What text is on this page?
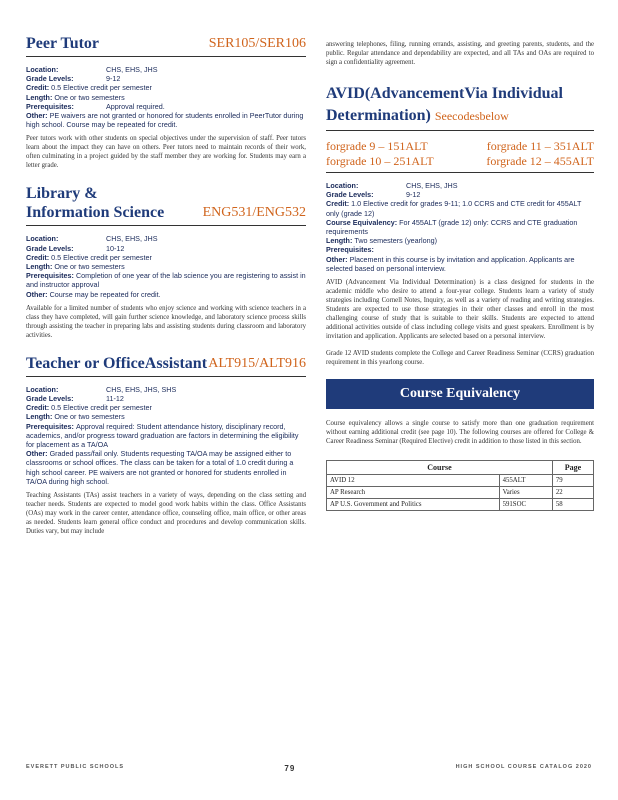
Peer Tutor	SER105/SER106
Location:	CHS, EHS, JHS
Grade Levels:	9-12
Credit:
0.5 Elective credit per semester
Length:
One or two semesters
Prerequisites:	Approval required.
Other: PE waivers are not granted or honored for students enrolled in PeerTutor during high school. Course may be repeated for credit.
Peer tutors work with other students on special objectives under the supervision of staff. Peer tutors learn about the impact they can have on others. Peer tutors need to maintain records of their work, often culminating in a project guided by the staff member they are working for. Students may earn a letter grade.
Library & Information Science	ENG531/ENG532
Location:	CHS, EHS, JHS
Grade Levels:	10-12
Credit:
0.5 Elective credit per semester
Length:
One or two semesters
Prerequisites: Completion of one year of the lab science you are registering to assist in and instructor approval
Other: Course may be repeated for credit.
Available for a limited number of students who enjoy science and working with science teachers in a class they have completed, will gain further science knowledge, and laboratory science process skills through assisting the teacher in preparing labs and assisting students during classroom and laboratory activities.
Teacher or OfficeAssistant ALT915/ALT916
Location:	CHS, EHS, JHS, SHS
Grade Levels:	11-12
Credit:
0.5 Elective credit per semester
Length:
One or two semesters
Prerequisites: Approval required: Student attendance history, disciplinary record, academics, and/or progress toward graduation are factors in determining the eligibility for placement as a TA/OA
Other: Graded pass/fail only. Students requesting TA/OA may be assigned either to classrooms or school offices. The class can be taken for a total of 1.0 credit during a high school career. PE waivers are not granted or honored for students enrolled in TA/OA during high school.
Teaching Assistants (TAs) assist teachers in a variety of ways, depending on the class setting and teacher needs. Students are expected to model good work habits within the class. Office Assistants (OAs) may work in the career center, attendance office, counseling office, main office, or other areas as needed. Students learn general office conduct and procedures and develop communication skills. Duties vary, but may include
answering telephones, filing, running errands, assisting, and greeting parents, students, and the public. Regular attendance and dependability are expected, and all TAs and OAs are required to sign a confidentiality agreement.
AVID(AdvancementVia Individual Determination) Seecodesbelow
forgrade 9 – 151ALT	forgrade 11 – 351ALT
forgrade 10 – 251ALT	forgrade 12 – 455ALT
Location:	CHS, EHS, JHS
Grade Levels:	9-12
Credit: 1.0 Elective credit for grades 9-11; 1.0 CCRS and CTE credit for 455ALT only (grade 12)
Course Equivalency: For 455ALT (grade 12) only: CCRS and CTE graduation requirements
Length: Two semesters (yearlong)
Prerequisites:
Other: Placement in this course is by invitation and application. Applicants are selected based on personal interview.
AVID (Advancement Via Individual Determination) is a class designed for students in the academic middle who desire to attend a four-year college. Students learn a variety of study strategies including Cornell Notes, Inquiry, as well as a variety of reading and writing strategies. Students are expected to use those strategies in their other classes and enroll in the most challenging course of study that is suitable to their skills. Students are expected to attend additional activities outside of class including college visits and guest speakers. Enrollment is by invitation and application. Applicants are selected based on a personal interview.
Grade 12 AVID students complete the College and Career Readiness Seminar (CCRS) graduation requirement in this yearlong course.
Course Equivalency
Course equivalency allows a single course to satisfy more than one graduation requirement without earning additional credit (see page 10). The following courses are offered for College & Career Readiness Seminar (Required Elective) credit in addition to those listed in this section.
Course		Page
AVID 12	455ALT	79
AP Research	Varies	22
AP U.S. Government and Politics	591SOC	58
EVERETT PUBLIC SCHOOLS	79	HIGH SCHOOL COURSE CATALOG 2020
